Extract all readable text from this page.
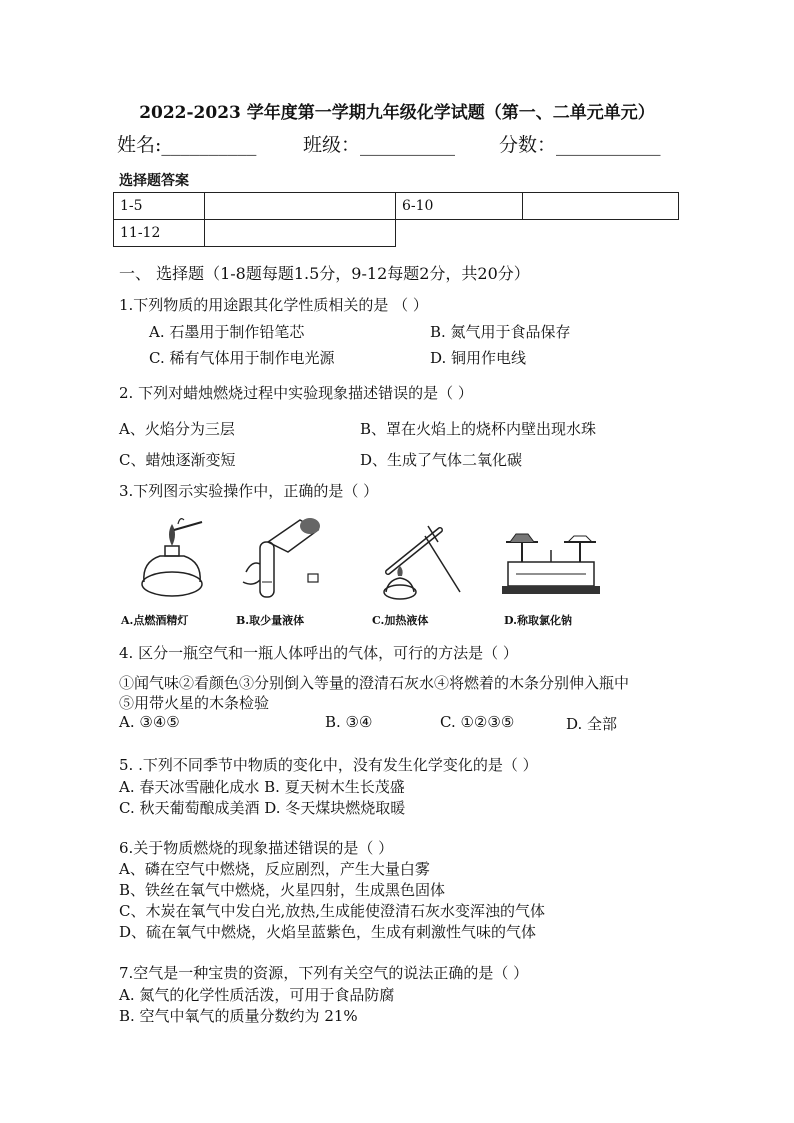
2022-2023 学年度第一学期九年级化学试题（第一、二单元单元）
姓名:__________ 班级：__________ 分数：___________
选择题答案
1-5		6-10	
11-12			
一、 选择题（1-8题每题1.5分，9-12每题2分，共20分）
1.下列物质的用途跟其化学性质相关的是 （ ）
A. 石墨用于制作铅笔芯	B. 氮气用于食品保存
C. 稀有气体用于制作电光源	D. 铜用作电线
2. 下列对蜡烛燃烧过程中实验现象描述错误的是（ ）
A、火焰分为三层	B、罩在火焰上的烧杯内壁出现水珠
C、蜡烛逐渐变短	D、生成了气体二氧化碳
3.下列图示实验操作中，正确的是（ ）
A.点燃酒精灯	B.取少量液体	C.加热液体	D.称取氯化钠
4. 区分一瓶空气和一瓶人体呼出的气体，可行的方法是（ ）
①闻气味②看颜色③分别倒入等量的澄清石灰水④将燃着的木条分别伸入瓶中
⑤用带火星的木条检验
A. ③④⑤	B. ③④	C. ①②③⑤	D. 全部
5. .下列不同季节中物质的变化中，没有发生化学变化的是（ ）
A. 春天冰雪融化成水 B. 夏天树木生长茂盛
C. 秋天葡萄酿成美酒 D. 冬天煤块燃烧取暖
6.关于物质燃烧的现象描述错误的是（ ）
A、磷在空气中燃烧，反应剧烈，产生大量白雾
B、铁丝在氧气中燃烧，火星四射，生成黑色固体
C、木炭在氧气中发白光,放热,生成能使澄清石灰水变浑浊的气体
D、硫在氧气中燃烧，火焰呈蓝紫色，生成有刺激性气味的气体
7.空气是一种宝贵的资源，下列有关空气的说法正确的是（ ）
A. 氮气的化学性质活泼，可用于食品防腐
B. 空气中氧气的质量分数约为 21%
